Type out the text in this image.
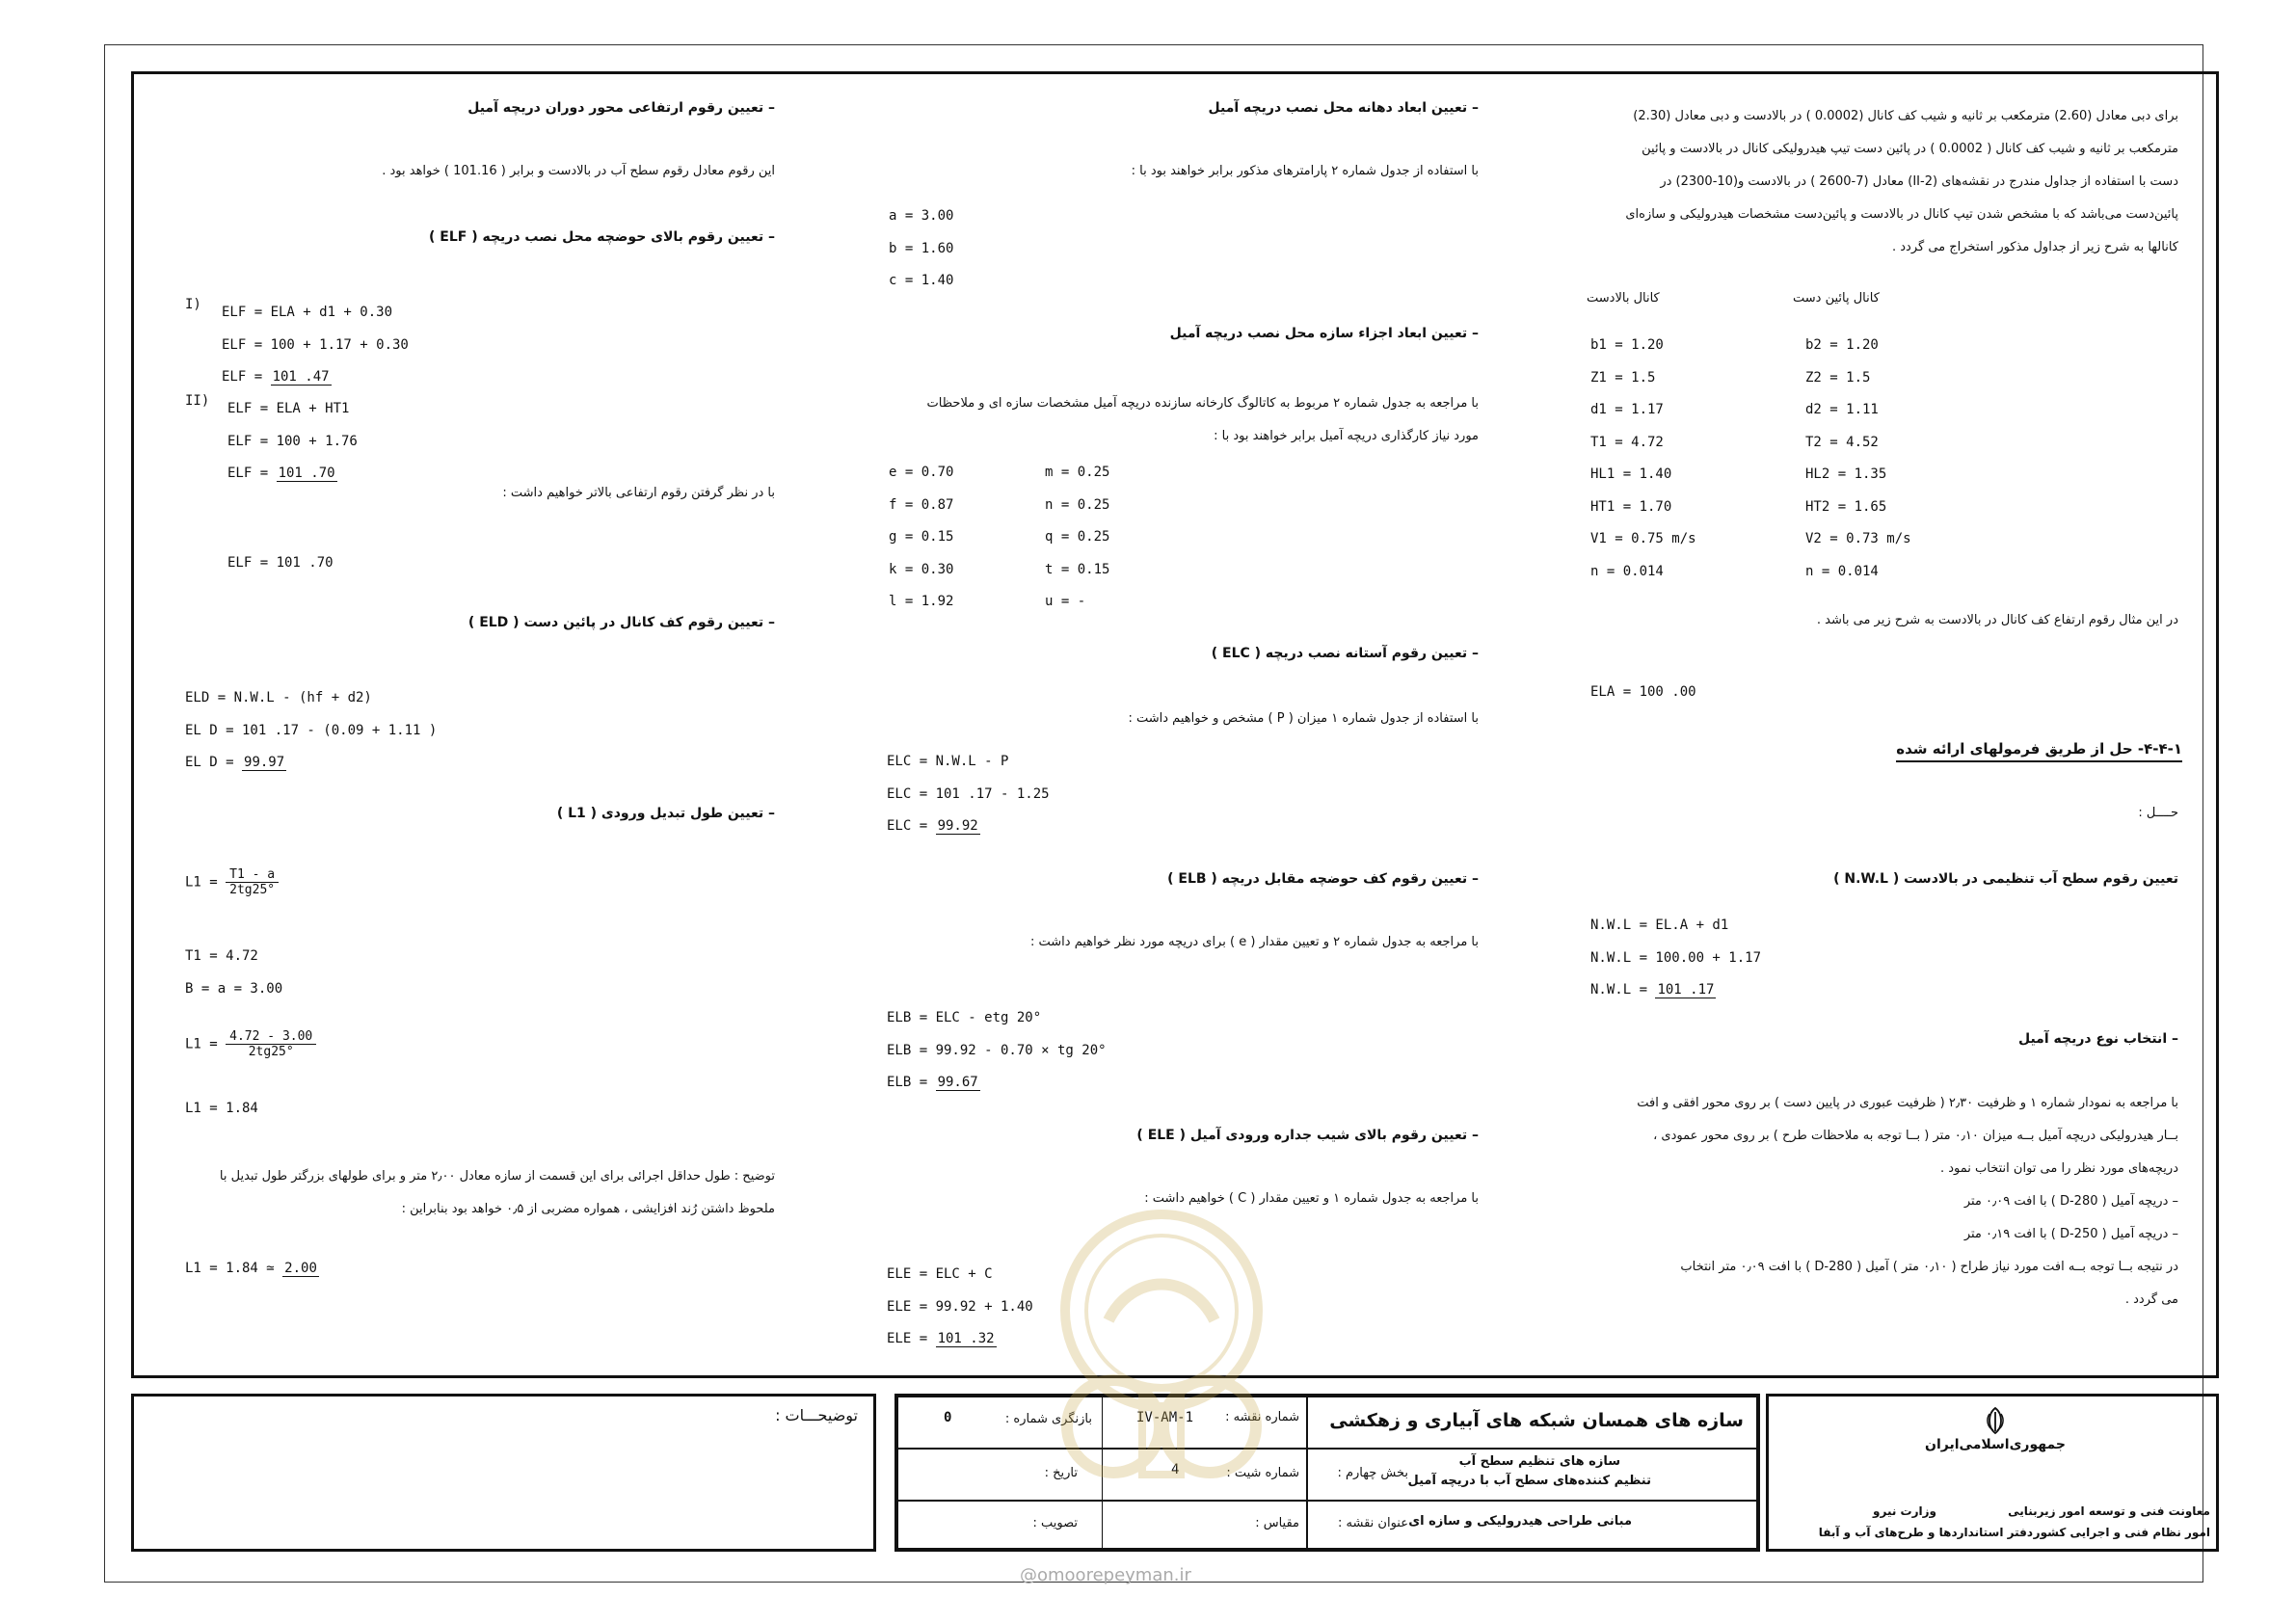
برای دبی معادل (2.60) مترمکعب بر ثانیه و شیب کف کانال (0.0002 ) در بالادست و دبی معادل (2.30)
مترمکعب بر ثانیه و شیب کف کانال ( 0.0002 ) در پائین دست تیپ هیدرولیکی کانال در بالادست و پائین
دست با استفاده از جداول مندرج در نقشه‌های (II-2) معادل (7-2600 ) در بالادست و(10-2300) در
پائین‌دست می‌باشد که با مشخص شدن تیپ کانال در بالادست و پائین‌دست مشخصات هیدرولیکی و سازه‌ای
کانالها به شرح زیر از جداول مذکور استخراج می گردد .
کانال پائین دست
کانال بالادست
b1 = 1.20
Z1 = 1.5
d1 = 1.17
T1 = 4.72
HL1 = 1.40
HT1 = 1.70
V1 = 0.75 m/s
n = 0.014
b2 = 1.20
Z2 = 1.5
d2 = 1.11
T2 = 4.52
HL2 = 1.35
HT2 = 1.65
V2 = 0.73 m/s
n = 0.014
در این مثال رقوم ارتفاع کف کانال در بالادست به شرح زیر می باشد .
ELA = 100 .00
۴-۴-۱- حل از طریق فرمولهای ارائه شده
حــــل :
تعیین رقوم سطح آب تنظیمی در بالادست ( N.W.L )
N.W.L = EL.A + d1
N.W.L = 100.00 + 1.17
N.W.L = 101 .17
– انتخاب نوع دریچه آمیل
با مراجعه به نمودار شماره ۱ و ظرفیت ۲٫۳۰ ( ظرفیت عبوری در پایین دست ) بر روی محور افقی و افت
بــار هیدرولیکی دریچه آمیل بــه میزان ۰٫۱۰ متر ( بــا توجه به ملاحظات طرح ) بر روی محور عمودی ،
دریچه‌های مورد نظر را می توان انتخاب نمود .
– دریچه آمیل ( D-280 ) با افت ۰٫۰۹ متر
– دریچه آمیل ( D-250 ) با افت ۰٫۱۹ متر
در نتیجه بــا توجه بــه افت مورد نیاز طراح ( ۰٫۱۰ متر ) آمیل ( D-280 ) با افت ۰٫۰۹ متر انتخاب
می گردد .
– تعیین ابعاد دهانه محل نصب دریچه آمیل
با استفاده از جدول شماره ۲ پارامترهای مذکور برابر خواهند بود با :
a = 3.00
b = 1.60
c = 1.40
– تعیین ابعاد اجزاء سازه محل نصب دریچه آمیل
با مراجعه به جدول شماره ۲ مربوط به کاتالوگ کارخانه سازنده دریچه آمیل مشخصات سازه ای و ملاحظات
مورد نیاز کارگذاری دریچه آمیل برابر خواهند بود با :
e = 0.70
f = 0.87
g = 0.15
k = 0.30
l = 1.92
m = 0.25
n = 0.25
q = 0.25
t = 0.15
u = -
– تعیین رقوم آستانه نصب دریچه ( ELC )
با استفاده از جدول شماره ۱ میزان ( P ) مشخص و خواهیم داشت :
ELC = N.W.L - P
ELC = 101 .17 - 1.25
ELC = 99.92
– تعیین رقوم کف حوضچه مقابل دریچه ( ELB )
با مراجعه به جدول شماره ۲ و تعیین مقدار ( e ) برای دریچه مورد نظر خواهیم داشت :
ELB = ELC - etg 20°
ELB = 99.92 - 0.70 × tg 20°
ELB = 99.67
– تعیین رقوم بالای شیب جداره ورودی آمیل ( ELE )
با مراجعه به جدول شماره ۱ و تعیین مقدار ( C ) خواهیم داشت :
ELE = ELC + C
ELE = 99.92 + 1.40
ELE = 101 .32
– تعیین رقوم ارتفاعی محور دوران دریچه آمیل
این رقوم معادل رقوم سطح آب در بالادست و برابر ( 101.16 ) خواهد بود .
– تعیین رقوم بالای حوضچه محل نصب دریچه ( ELF )
I) ELF = ELA + d1 + 0.30
ELF = 100 + 1.17 + 0.30
ELF = 101 .47
II) ELF = ELA + HT1
ELF = 100 + 1.76
ELF = 101 .70
با در نظر گرفتن رقوم ارتفاعی بالاتر خواهیم داشت :
ELF = 101 .70
– تعیین رقوم کف کانال در پائین دست ( ELD )
ELD = N.W.L - (hf + d2)
EL D = 101 .17 - (0.09 + 1.11 )
EL D = 99.97
– تعیین طول تبدیل ورودی ( L1 )
$L1 = \frac{T1 - a}{2tg25^\circ}$
T1 = 4.72
B = a = 3.00
$L1 = \frac{4.72 - 3.00}{2tg25^\circ}$
L1 = 1.84
توضیح : طول حداقل اجرائی برای این قسمت از سازه معادل ۲٫۰۰ متر و برای طولهای بزرگتر طول تبدیل با
ملحوظ داشتن رُند افزایشی ، همواره مضربی از ۰٫۵ خواهد بود بنابراین :
L1 = 1.84 ≃ 2.00
توضیحـــات :	سازه های همسان شبکه های آبیاری و زهکشی
شماره نقشه :
IV-AM-1
بازنگری شماره :
0
بخش چهارم :
سازه های تنظیم سطح آب
تنظیم کننده‌های سطح آب با دریچه آمیل
شماره شیت :
4
تاریخ :
عنوان نقشه : مبانی طراحی هیدرولیکی و سازه ای
مقیاس :
تصویب :
جمهوری‌اسلامی‌ایران
معاونت فنی و توسعه امور زیربنایی
امور نظام فنی و اجرایی کشور
وزارت نیرو
دفتر استانداردها و طرح‌های آب و آبفا
@omoorepeyman.ir
